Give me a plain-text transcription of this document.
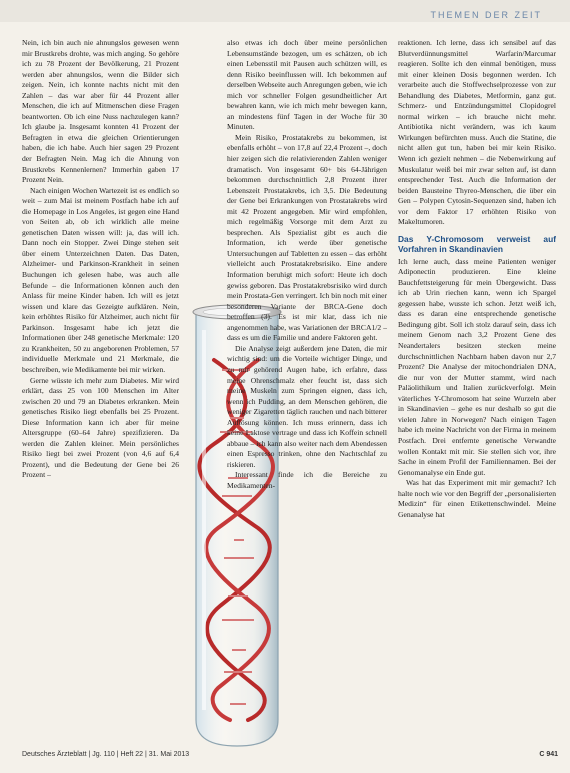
THEMEN DER ZEIT

Nein, ich bin auch nie ahnungslos gewesen wenn mir Brustkrebs drohte, was mich anging. So gehöre ich zu 78 Prozent der Bevölkerung, 21 Prozent werden aber ahnungslos, wenn die Bilder sich zeigen. Nein, ich konnte nachts nicht mit den Zahlen – das war aber für 44 Prozent aller Menschen, die ich auf Mitmenschen diese Fragen beantworten. Ob ich eine Nuss nachzulegen kann? Ich glaube ja. Insgesamt konnten 41 Prozent der Befragten in etwa die gleichen Orientierungen haben, die ich habe. Auch hier sagen 29 Prozent der Befragten Nein. Mag ich die Ahnung von Brustkrebs Kennenlernen? Immerhin gaben 17 Prozent Nein.

Nach einigen Wochen Wartezeit ist es endlich so weit – zum Mai ist meinem Postfach habe ich auf die Homepage in Los Angeles, ist gegen eine Hand von Seiten ab, ob ich wirklich alle meine genetischen Daten wissen will: ja, das will ich. Dann noch ein Stopper. Zwei Dinge stehen seit über einem Unterzeichnen Daten. Das Daten, Alzheimer- und Parkinson-Krankheit in seinen Buchungen ich gelesen habe, was auch alle Befunde – die Informationen können auch den Anlass für meine Kinder haben. Ich will es jetzt wissen und klare das Gezeigte aufklären. Nein, kein erhöhtes Risiko für Alzheimer, auch nicht für Parkinson. Insgesamt habe ich jetzt die Informationen über 248 genetische Merkmale: 120 zu Krankheiten, 50 zu angeborenen Problemen, 57 individuelle Merkmale und 21 Merkmale, die beschreiben, wie Medikamente bei mir wirken.

Gerne wüsste ich mehr zum Diabetes. Mir wird erklärt, dass 25 von 100 Menschen im Alter zwischen 20 und 79 an Diabetes erkranken. Mein genetisches Risiko liegt ebenfalls bei 25 Prozent. Diese Information kann ich aber für meine Altersgruppe (60–64 Jahre) spezifizieren. Da werden die Zahlen kleiner. Mein persönliches Risiko liegt bei zwei Prozent (von 4,6 auf 6,4 Prozent), und die Bedeutung der Gene bei 26 Prozent –

also etwas ich doch über meine persönlichen Lebensumstände bezogen, um es schätzen, ob ich einen Lebensstil mit Pausen auch schützen will, es denn Risiko beeinflussen will. Ich bekommen auf derselben Webseite auch Anregungen geben, wie ich mich vor schneller Folgen gesundheitlicher Art bewahren kann, wie ich mich mehr bewegen kann, an mindestens fünf Tagen in der Woche für 30 Minuten.

Mein Risiko, Prostatakrebs zu bekommen, ist ebenfalls erhöht – von 17,8 auf 22,4 Prozent –, doch hier zeigen sich die relativierenden Zahlen weniger dramatisch. Von insgesamt 60+ bis 64-Jährigen bekommen durchschnittlich 2,8 Prozent ihrer Lebenszeit Prostatakrebs, ich 3,5. Die Bedeutung der Gene bei Erkrankungen von Prostatakrebs wird mit 42 Prozent angegeben. Mir wird empfohlen, mich regelmäßig Vorsorge mit dem Arzt zu besprechen. Als Spezialist gibt es auch die Information, ich werde über genetische Untersuchungen auf Tabletten zu essen – das erhöht vielleicht auch Prostatakrebsrisiko. Eine andere Information beruhigt mich sofort: Heute ich doch gewiss geboren. Das Prostatakrebsrisiko wird durch mein Prostata-Gen verringert. Ich bin noch mit einer besonderen Variante der BRCA-Gene doch betroffen (3). Es ist mir klar, dass ich nie angenommen habe, was Variationen der BRCA1/2 – dass es um die Familie und andere Faktoren geht.

Die Analyse zeigt außerdem jene Daten, die mir wichtig sind: um die Vorteile wichtiger Dinge, und zu mir gehörend Augen habe, ich erfahre, dass meine Ohrenschmalz eher feucht ist, dass sich meine Muskeln zum Springen eignen, dass ich, wenn ich Pudding, an dem Menschen gehören, die weniger Zigaretten täglich rauchen und nach bitterer Auflösung können. Ich muss erinnern, dass ich keine Laktose vertrage und dass ich Koffein schnell abbaue – ich kann also weiter nach dem Abendessen einen Espresso trinken, ohne den Nachtschlaf zu riskieren.

Interessant finde ich die Bereiche zu Medikamenten-

reaktionen. Ich lerne, dass ich sensibel auf das Blutverdünnungsmittel Warfarin/Marcumar reagieren. Sollte ich den einmal benötigen, muss mit einer kleinen Dosis begonnen werden. Ich verarbeite auch die Stoffwechselprozesse von zur Behandlung des Diabetes, Metformin, ganz gut. Schmerz- und Entzündungsmittel Clopidogrel normal wirken – ich brauche nicht mehr. Antibiotika nicht verändern, was ich kaum Wirkungen befürchten muss. Auch die Statine, die nicht allen gut tun, haben bei mir kein Risiko. Wenn ich gezielt nehmen – die Nebenwirkung auf Muskulatur weiß bei mir zwar selten auf, ist dann entsprechender Test. Auch die Information der beiden Bausteine Thyreo-Menschen, die über ein Gen – Polypen Cytosin-Sequenzen sind, haben ich vor dem Faktor 17 erhöhten Risiko von Makeltumoren.

Das Y-Chromosom verweist auf Vorfahren in Skandinavien

Ich lerne auch, dass meine Patienten weniger Adiponectin produzieren. Eine kleine Bauchfettsteigerung für mein Übergewicht. Dass ich ab Urin riechen kann, wenn ich Spargel gegessen habe, wusste ich schon. Jetzt weiß ich, dass es daran eine entsprechende genetische Bedingung gibt. Soll ich stolz darauf sein, dass ich meinem Genom nach 3,2 Prozent Gene des Neandertalers besitzen stecken meine durchschnittlichen Nachbarn haben davon nur 2,7 Prozent? Die Analyse der mitochondrialen DNA, die nur von der Mutter stammt, wird nach Paläolithikum und Italien zurückverfolgt. Mein väterliches Y-Chromosom hat seine Wurzeln aber in Skandinavien – gehe es nur deshalb so gut die vielen Jahre in Norwegen? Nach einigen Tagen habe ich meine Nachricht von der Firma in meinem Postfach. Drei entfernte genetische Verwandte wollen Kontakt mit mir. Sie stellen sich vor, ihre Sache in einem Profil der Familiennamen. Bei der Genomanalyse ein Ende gut.

Was hat das Experiment mit mir gemacht? Ich halte noch wie vor den Begriff der „personalisierten Medizin“ für einen Etikettenschwindel. Meine Genanalyse hat

Deutsches Ärzteblatt | Jg. 110 | Heft 22 | 31. Mai 2013	C 941
